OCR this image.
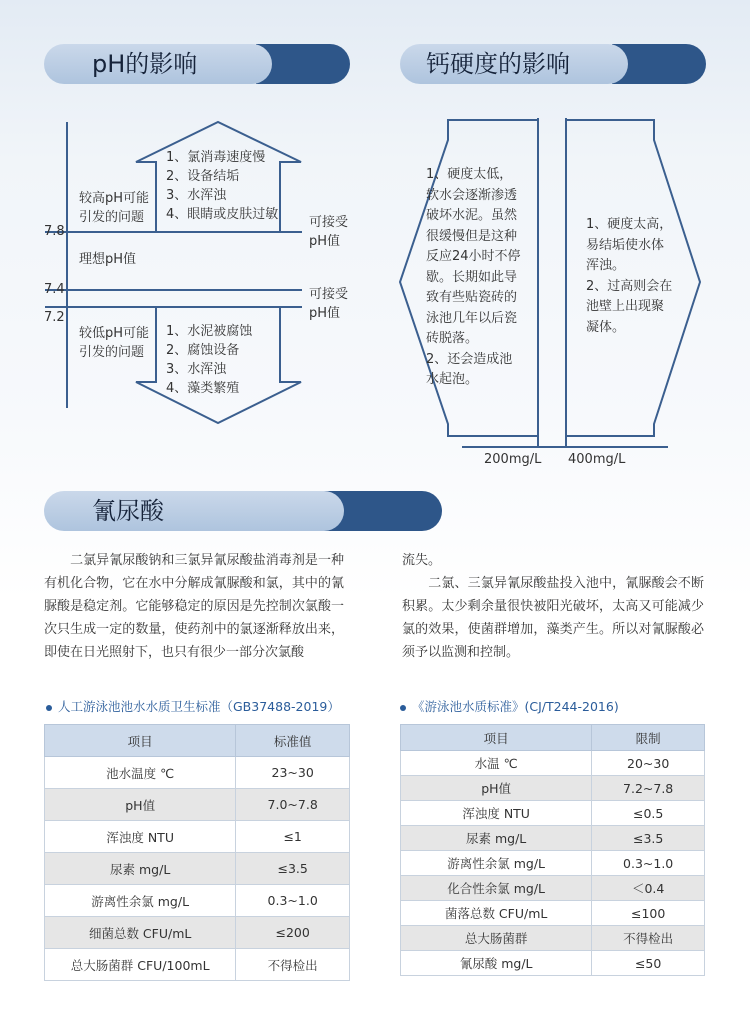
pH的影响	钙硬度的影响
氰尿酸
较高pH可能
引发的问题
1、氯消毒速度慢
2、设备结垢
3、水浑浊
4、眼睛或皮肤过敏
7.8
理想pH值
7.4
7.2
可接受
pH值
可接受
pH值
较低pH可能
引发的问题
1、水泥被腐蚀
2、腐蚀设备
3、水浑浊
4、藻类繁殖
1、硬度太低，
软水会逐渐渗透
破坏水泥。虽然
很缓慢但是这种
反应24小时不停
歇。长期如此导
致有些贴瓷砖的
泳池几年以后瓷
砖脱落。
2、还会造成池
水起泡。
1、硬度太高，
易结垢使水体
浑浊。
2、过高则会在
池壁上出现聚
凝体。
200mg/L 400mg/L
　　二氯异氰尿酸钠和三氯异氰尿酸盐消毒剂是一种有机化合物，它在水中分解成氰脲酸和氯，其中的氰脲酸是稳定剂。它能够稳定的原因是先控制次氯酸一次只生成一定的数量，使药剂中的氯逐渐释放出来，即使在日光照射下，也只有很少一部分次氯酸
流失。
　　二氯、三氯异氰尿酸盐投入池中，氰脲酸会不断积累。太少剩余量很快被阳光破坏，太高又可能减少氯的效果，使菌群增加，藻类产生。所以对氰脲酸必须予以监测和控制。
人工游泳池池水水质卫生标准（GB37488-2019）	《游泳池水质标准》(CJ/T244-2016)
项目	标准值
池水温度 ℃	23~30
pH值	7.0~7.8
浑浊度 NTU	≤1
尿素 mg/L	≤3.5
游离性余氯 mg/L	0.3~1.0
细菌总数 CFU/mL	≤200
总大肠菌群 CFU/100mL	不得检出
项目	限制
水温 ℃	20~30
pH值	7.2~7.8
浑浊度 NTU	≤0.5
尿素 mg/L	≤3.5
游离性余氯 mg/L	0.3~1.0
化合性余氯 mg/L	＜0.4
菌落总数 CFU/mL	≤100
总大肠菌群	不得检出
氰尿酸 mg/L	≤50
